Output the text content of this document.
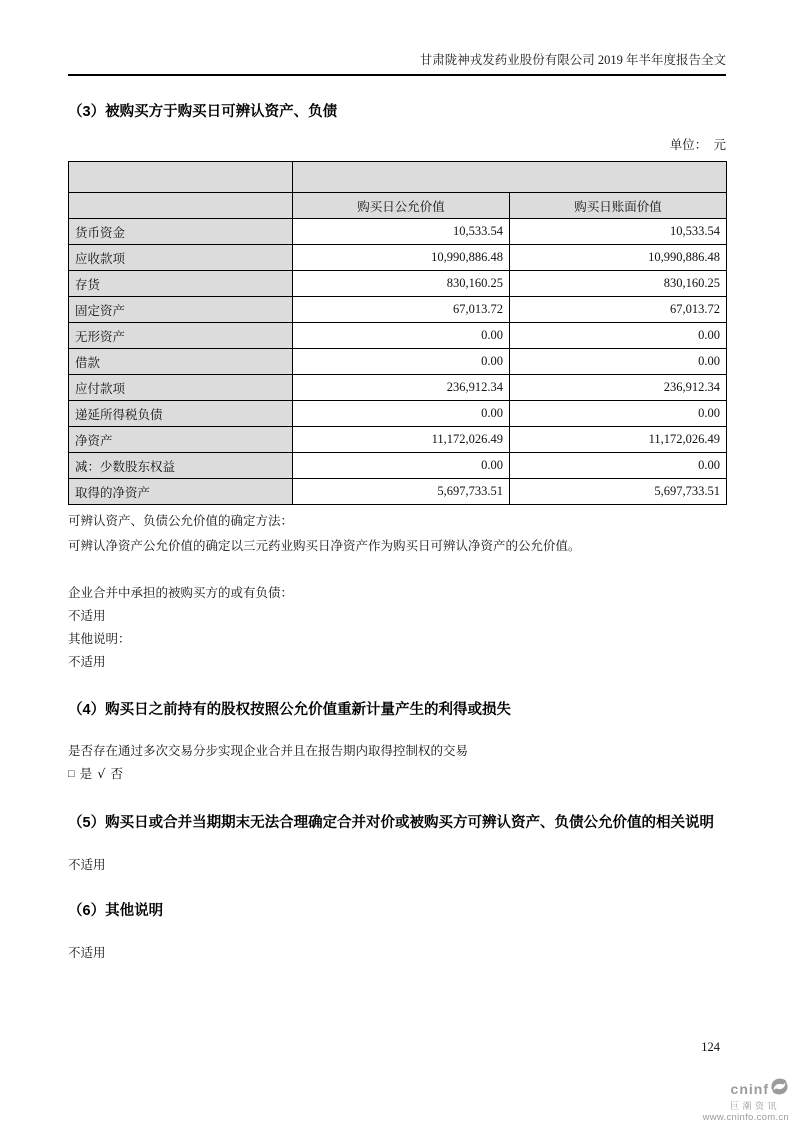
甘肃陇神戎发药业股份有限公司 2019 年半年度报告全文
（3）被购买方于购买日可辨认资产、负债
单位：　元

	购买日公允价值	购买日账面价值
货币资金	10,533.54	10,533.54
应收款项	10,990,886.48	10,990,886.48
存货	830,160.25	830,160.25
固定资产	67,013.72	67,013.72
无形资产	0.00	0.00
借款	0.00	0.00
应付款项	236,912.34	236,912.34
递延所得税负债	0.00	0.00
净资产	11,172,026.49	11,172,026.49
减：少数股东权益	0.00	0.00
取得的净资产	5,697,733.51	5,697,733.51

可辨认资产、负债公允价值的确定方法：

可辨认净资产公允价值的确定以三元药业购买日净资产作为购买日可辨认净资产的公允价值。

企业合并中承担的被购买方的或有负债：

不适用

其他说明：

不适用

（4）购买日之前持有的股权按照公允价值重新计量产生的利得或损失

是否存在通过多次交易分步实现企业合并且在报告期内取得控制权的交易

□ 是 √ 否

（5）购买日或合并当期期末无法合理确定合并对价或被购买方可辨认资产、负债公允价值的相关说明

不适用

（6）其他说明

不适用

124
cninf
巨潮资讯
www.cninfo.com.cn
